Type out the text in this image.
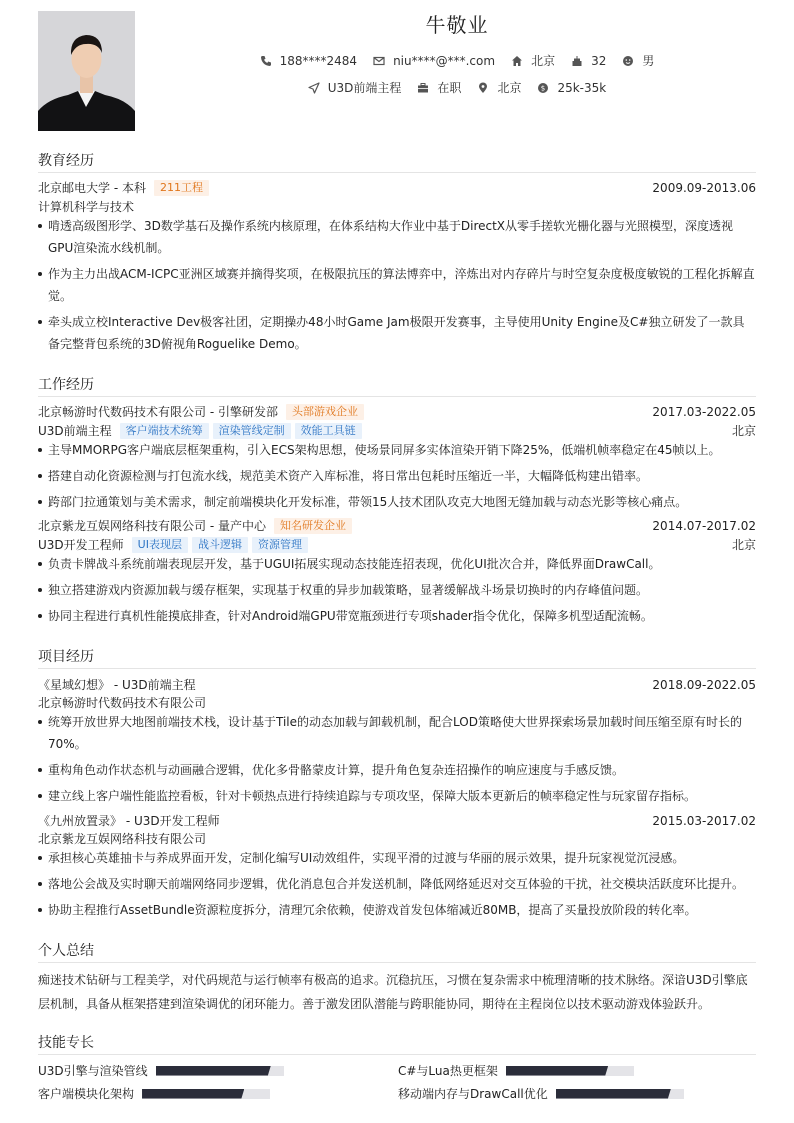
牛敬业
188****2484	niu****@***.com	北京	32	男
U3D前端主程	在职	北京	$ 25k-35k
教育经历
北京邮电大学 - 本科	211工程	2009.09-2013.06
计算机科学与技术
啃透高级图形学、3D数学基石及操作系统内核原理，在体系结构大作业中基于DirectX从零手搓软光栅化器与光照模型，深度透视GPU渲染流水线机制。
作为主力出战ACM-ICPC亚洲区域赛并摘得奖项，在极限抗压的算法博弈中，淬炼出对内存碎片与时空复杂度极度敏锐的工程化拆解直觉。
牵头成立校Interactive Dev极客社团，定期操办48小时Game Jam极限开发赛事，主导使用Unity Engine及C#独立研发了一款具备完整背包系统的3D俯视角Roguelike Demo。
工作经历
北京畅游时代数码技术有限公司 - 引擎研发部	头部游戏企业	2017.03-2022.05
U3D前端主程	客户端技术统筹	渲染管线定制	效能工具链	北京
主导MMORPG客户端底层框架重构，引入ECS架构思想，使场景同屏多实体渲染开销下降25%，低端机帧率稳定在45帧以上。
搭建自动化资源检测与打包流水线，规范美术资产入库标准，将日常出包耗时压缩近一半，大幅降低构建出错率。
跨部门拉通策划与美术需求，制定前端模块化开发标准，带领15人技术团队攻克大地图无缝加载与动态光影等核心痛点。
北京紫龙互娱网络科技有限公司 - 量产中心	知名研发企业	2014.07-2017.02
U3D开发工程师	UI表现层	战斗逻辑	资源管理	北京
负责卡牌战斗系统前端表现层开发，基于UGUI拓展实现动态技能连招表现，优化UI批次合并，降低界面DrawCall。
独立搭建游戏内资源加载与缓存框架，实现基于权重的异步加载策略，显著缓解战斗场景切换时的内存峰值问题。
协同主程进行真机性能摸底排查，针对Android端GPU带宽瓶颈进行专项shader指令优化，保障多机型适配流畅。
项目经历
《星域幻想》 - U3D前端主程	2018.09-2022.05
北京畅游时代数码技术有限公司
统筹开放世界大地图前端技术栈，设计基于Tile的动态加载与卸载机制，配合LOD策略使大世界探索场景加载时间压缩至原有时长的70%。
重构角色动作状态机与动画融合逻辑，优化多骨骼蒙皮计算，提升角色复杂连招操作的响应速度与手感反馈。
建立线上客户端性能监控看板，针对卡顿热点进行持续追踪与专项攻坚，保障大版本更新后的帧率稳定性与玩家留存指标。
《九州放置录》 - U3D开发工程师	2015.03-2017.02
北京紫龙互娱网络科技有限公司
承担核心英雄抽卡与养成界面开发，定制化编写UI动效组件，实现平滑的过渡与华丽的展示效果，提升玩家视觉沉浸感。
落地公会战及实时聊天前端网络同步逻辑，优化消息包合并发送机制，降低网络延迟对交互体验的干扰，社交模块活跃度环比提升。
协助主程推行AssetBundle资源粒度拆分，清理冗余依赖，使游戏首发包体缩减近80MB，提高了买量投放阶段的转化率。
个人总结
痴迷技术钻研与工程美学，对代码规范与运行帧率有极高的追求。沉稳抗压，习惯在复杂需求中梳理清晰的技术脉络。深谙U3D引擎底层机制，具备从框架搭建到渲染调优的闭环能力。善于激发团队潜能与跨职能协同，期待在主程岗位以技术驱动游戏体验跃升。
技能专长
U3D引擎与渲染管线	C#与Lua热更框架
客户端模块化架构	移动端内存与DrawCall优化
